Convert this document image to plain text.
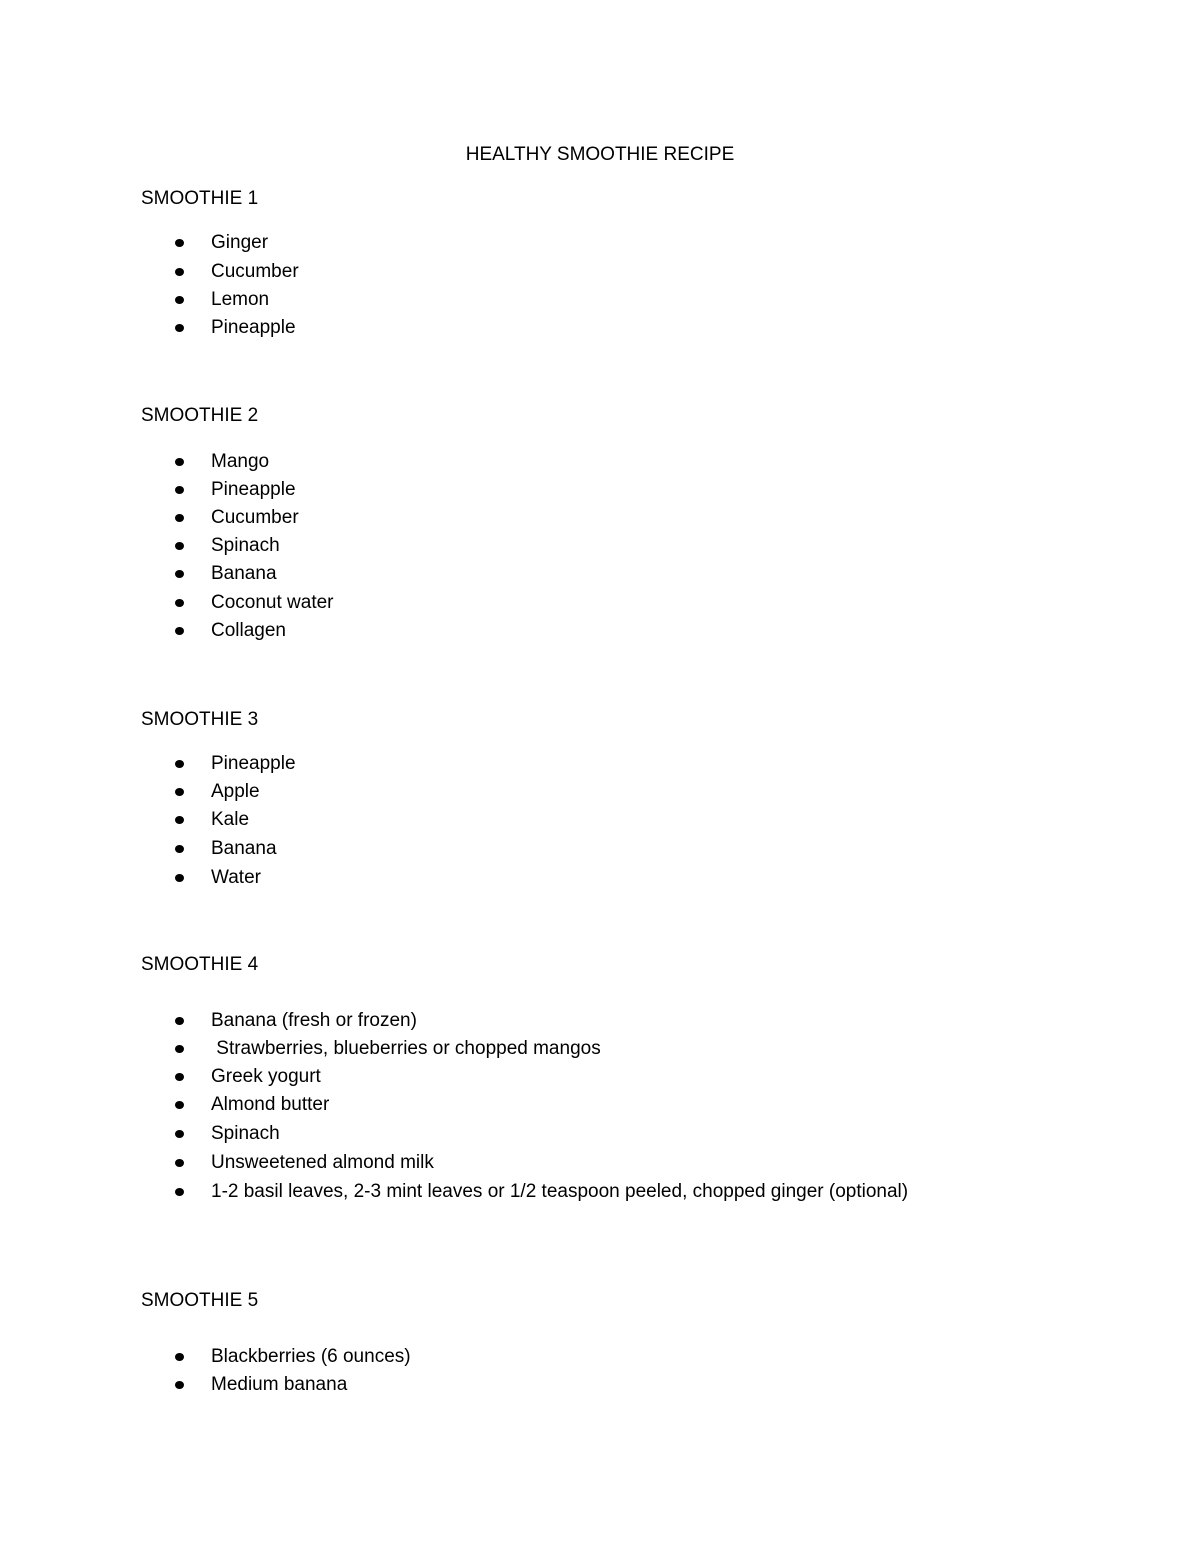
HEALTHY SMOOTHIE RECIPE
SMOOTHIE 1
Ginger
Cucumber
Lemon
Pineapple
SMOOTHIE 2
Mango
Pineapple
Cucumber
Spinach
Banana
Coconut water
Collagen
SMOOTHIE 3
Pineapple
Apple
Kale
Banana
Water
SMOOTHIE 4
Banana (fresh or frozen)
Strawberries, blueberries or chopped mangos
Greek yogurt
Almond butter
Spinach
Unsweetened almond milk
1-2 basil leaves, 2-3 mint leaves or 1/2 teaspoon peeled, chopped ginger (optional)
SMOOTHIE 5
Blackberries (6 ounces)
Medium banana
